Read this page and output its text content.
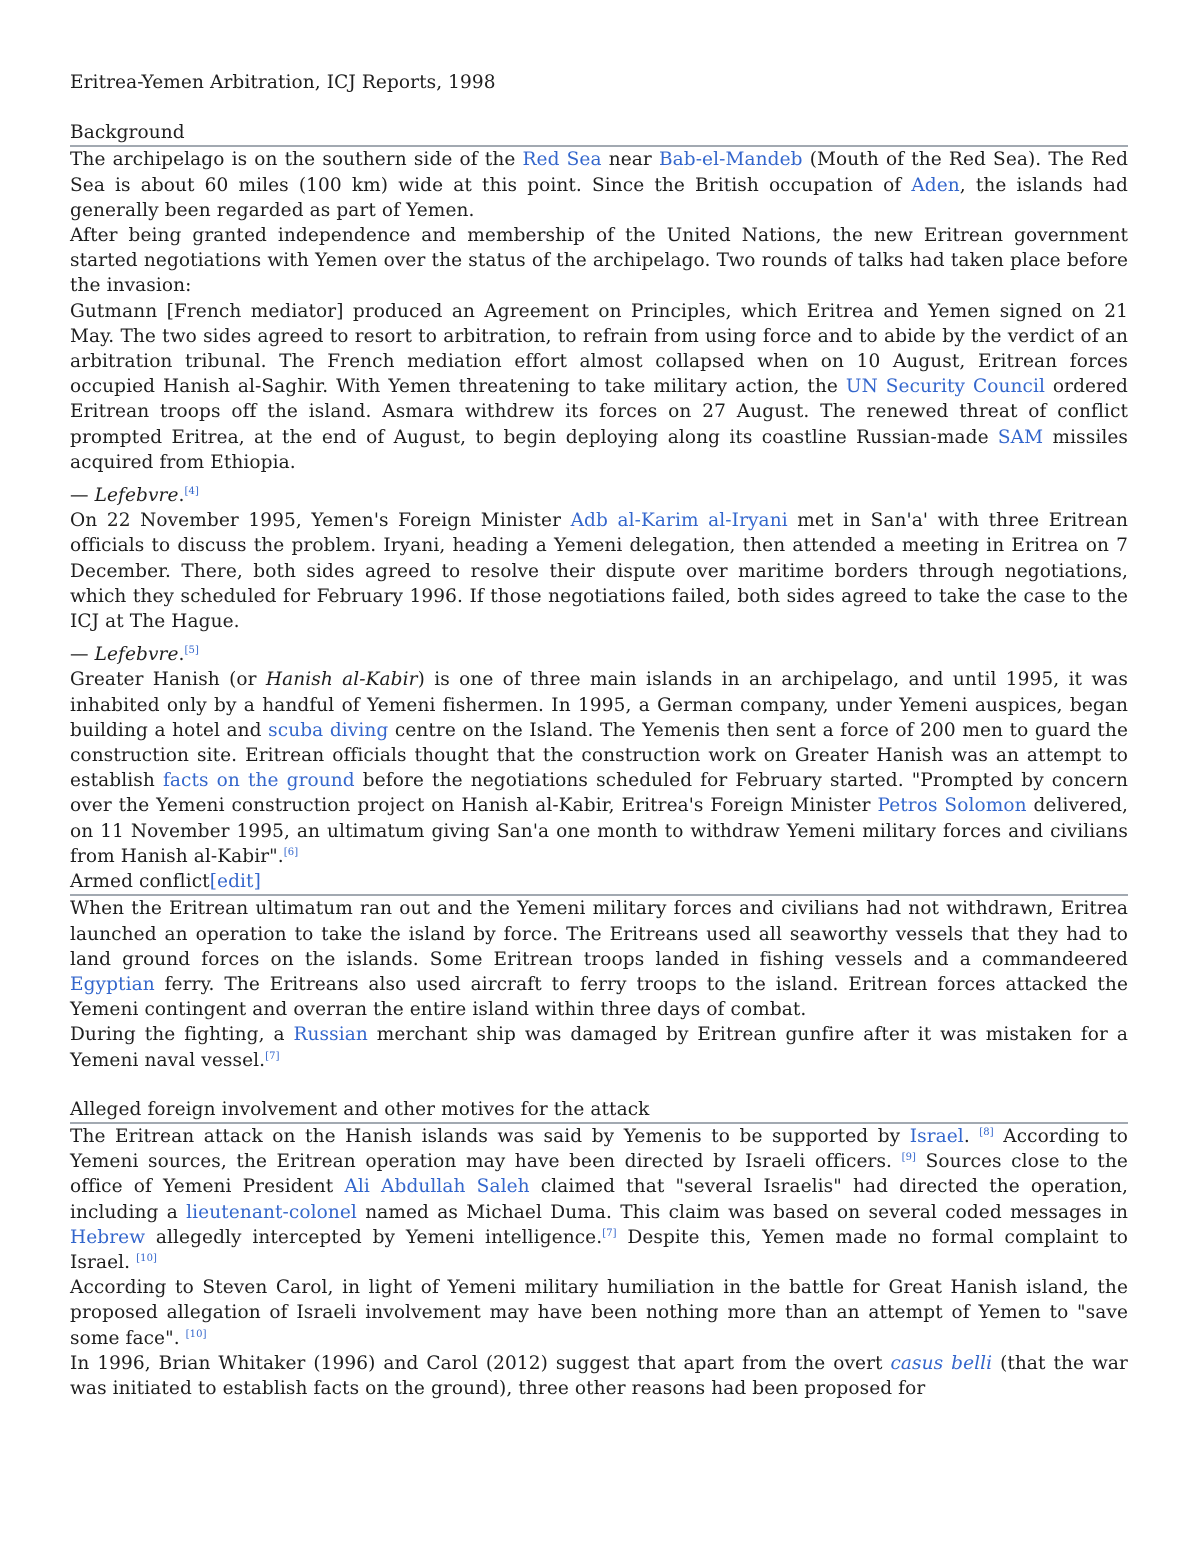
Eritrea-Yemen Arbitration, ICJ Reports, 1998
Background

The archipelago is on the southern side of the Red Sea near Bab-el-Mandeb (Mouth of the Red Sea). The Red Sea is about 60 miles (100 km) wide at this point. Since the British occupation of Aden, the islands had generally been regarded as part of Yemen.

After being granted independence and membership of the United Nations, the new Eritrean government started negotiations with Yemen over the status of the archipelago. Two rounds of talks had taken place before the invasion:

Gutmann [French mediator] produced an Agreement on Principles, which Eritrea and Yemen signed on 21 May. The two sides agreed to resort to arbitration, to refrain from using force and to abide by the verdict of an arbitration tribunal. The French mediation effort almost collapsed when on 10 August, Eritrean forces occupied Hanish al-Saghir. With Yemen threatening to take military action, the UN Security Council ordered Eritrean troops off the island. Asmara withdrew its forces on 27 August. The renewed threat of conflict prompted Eritrea, at the end of August, to begin deploying along its coastline Russian-made SAM missiles acquired from Ethiopia.

— Lefebvre.[4]

On 22 November 1995, Yemen's Foreign Minister Adb al-Karim al-Iryani met in San'a' with three Eritrean officials to discuss the problem. Iryani, heading a Yemeni delegation, then attended a meeting in Eritrea on 7 December. There, both sides agreed to resolve their dispute over maritime borders through negotiations, which they scheduled for February 1996. If those negotiations failed, both sides agreed to take the case to the ICJ at The Hague.

— Lefebvre.[5]

Greater Hanish (or Hanish al-Kabir) is one of three main islands in an archipelago, and until 1995, it was inhabited only by a handful of Yemeni fishermen. In 1995, a German company, under Yemeni auspices, began building a hotel and scuba diving centre on the Island. The Yemenis then sent a force of 200 men to guard the construction site. Eritrean officials thought that the construction work on Greater Hanish was an attempt to establish facts on the ground before the negotiations scheduled for February started. "Prompted by concern over the Yemeni construction project on Hanish al-Kabir, Eritrea's Foreign Minister Petros Solomon delivered, on 11 November 1995, an ultimatum giving San'a one month to withdraw Yemeni military forces and civilians from Hanish al-Kabir".[6]

Armed conflict[edit]

When the Eritrean ultimatum ran out and the Yemeni military forces and civilians had not withdrawn, Eritrea launched an operation to take the island by force. The Eritreans used all seaworthy vessels that they had to land ground forces on the islands. Some Eritrean troops landed in fishing vessels and a commandeered Egyptian ferry. The Eritreans also used aircraft to ferry troops to the island. Eritrean forces attacked the Yemeni contingent and overran the entire island within three days of combat.

During the fighting, a Russian merchant ship was damaged by Eritrean gunfire after it was mistaken for a Yemeni naval vessel.[7]

Alleged foreign involvement and other motives for the attack

The Eritrean attack on the Hanish islands was said by Yemenis to be supported by Israel. [8] According to Yemeni sources, the Eritrean operation may have been directed by Israeli officers. [9] Sources close to the office of Yemeni President Ali Abdullah Saleh claimed that "several Israelis" had directed the operation, including a lieutenant-colonel named as Michael Duma. This claim was based on several coded messages in Hebrew allegedly intercepted by Yemeni intelligence.[7] Despite this, Yemen made no formal complaint to Israel. [10]

According to Steven Carol, in light of Yemeni military humiliation in the battle for Great Hanish island, the proposed allegation of Israeli involvement may have been nothing more than an attempt of Yemen to "save some face". [10]

In 1996, Brian Whitaker (1996) and Carol (2012) suggest that apart from the overt casus belli (that the war was initiated to establish facts on the ground), three other reasons had been proposed for
